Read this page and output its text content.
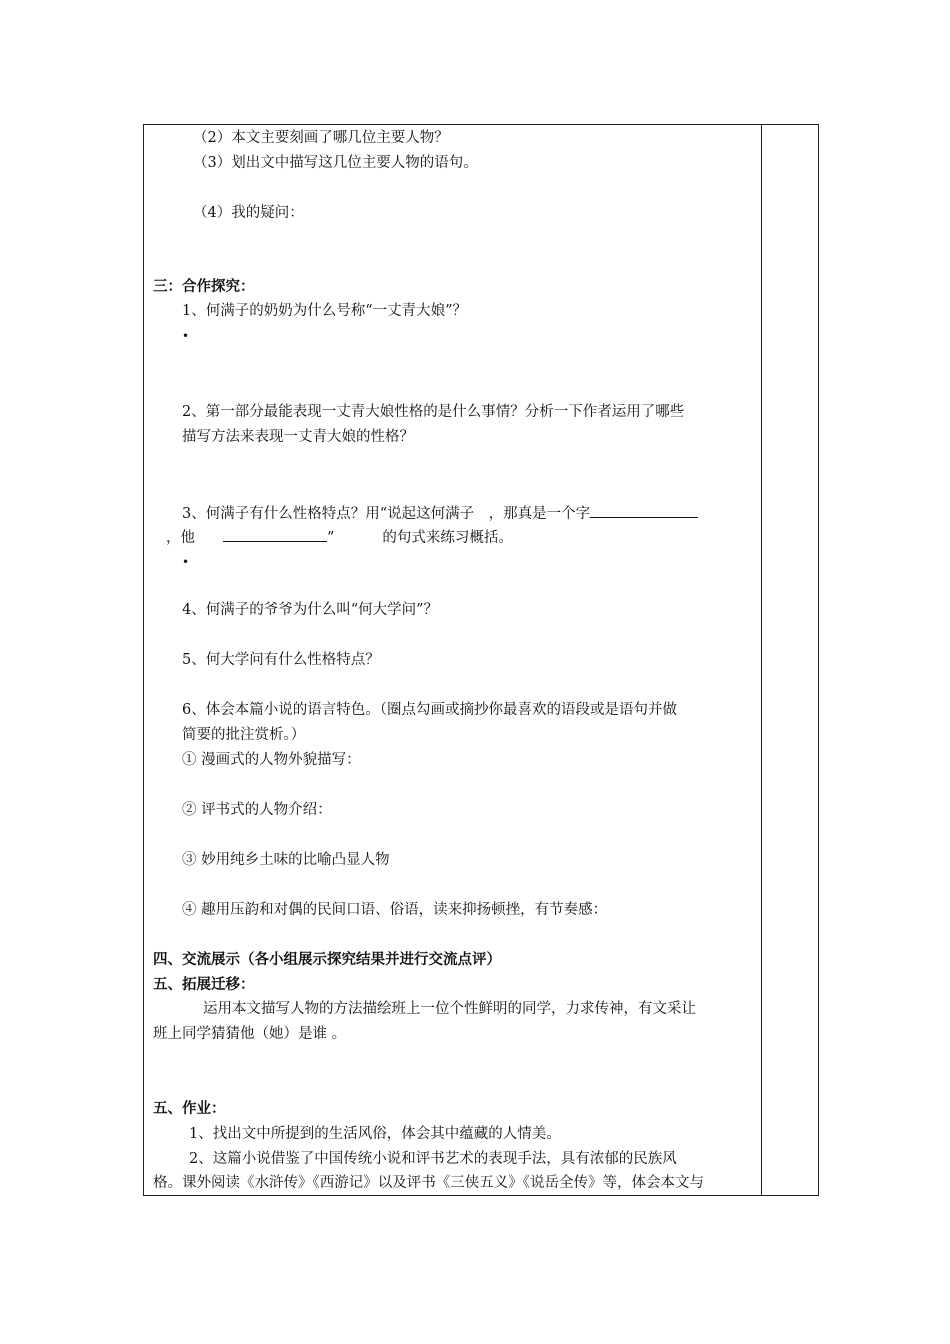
（2）本文主要刻画了哪几位主要人物？
（3）划出文中描写这几位主要人物的语句。
（4）我的疑问：
三：合作探究：
1、何满子的奶奶为什么号称“一丈青大娘”？
•
2、第一部分最能表现一丈青大娘性格的是什么事情？分析一下作者运用了哪些
描写方法来表现一丈青大娘的性格？
3、何满子有什么性格特点？用“说起这何满子　，那真是一个字
，他	”	的句式来练习概括。
•
4、何满子的爷爷为什么叫“何大学问”？
5、何大学问有什么性格特点？
6、体会本篇小说的语言特色。（圈点勾画或摘抄你最喜欢的语段或是语句并做
简要的批注赏析。）
① 漫画式的人物外貌描写：
② 评书式的人物介绍：
③ 妙用纯乡土味的比喻凸显人物
④ 趣用压韵和对偶的民间口语、俗语，读来抑扬顿挫，有节奏感：
四、交流展示（各小组展示探究结果并进行交流点评）
五、拓展迁移：
运用本文描写人物的方法描绘班上一位个性鲜明的同学，力求传神，有文采让
班上同学猜猜他（她）是谁 。
五、作业：
1、找出文中所提到的生活风俗，体会其中蕴藏的人情美。
2、这篇小说借鉴了中国传统小说和评书艺术的表现手法，具有浓郁的民族风
格。课外阅读《水浒传》《西游记》以及评书《三侠五义》《说岳全传》等，体会本文与
